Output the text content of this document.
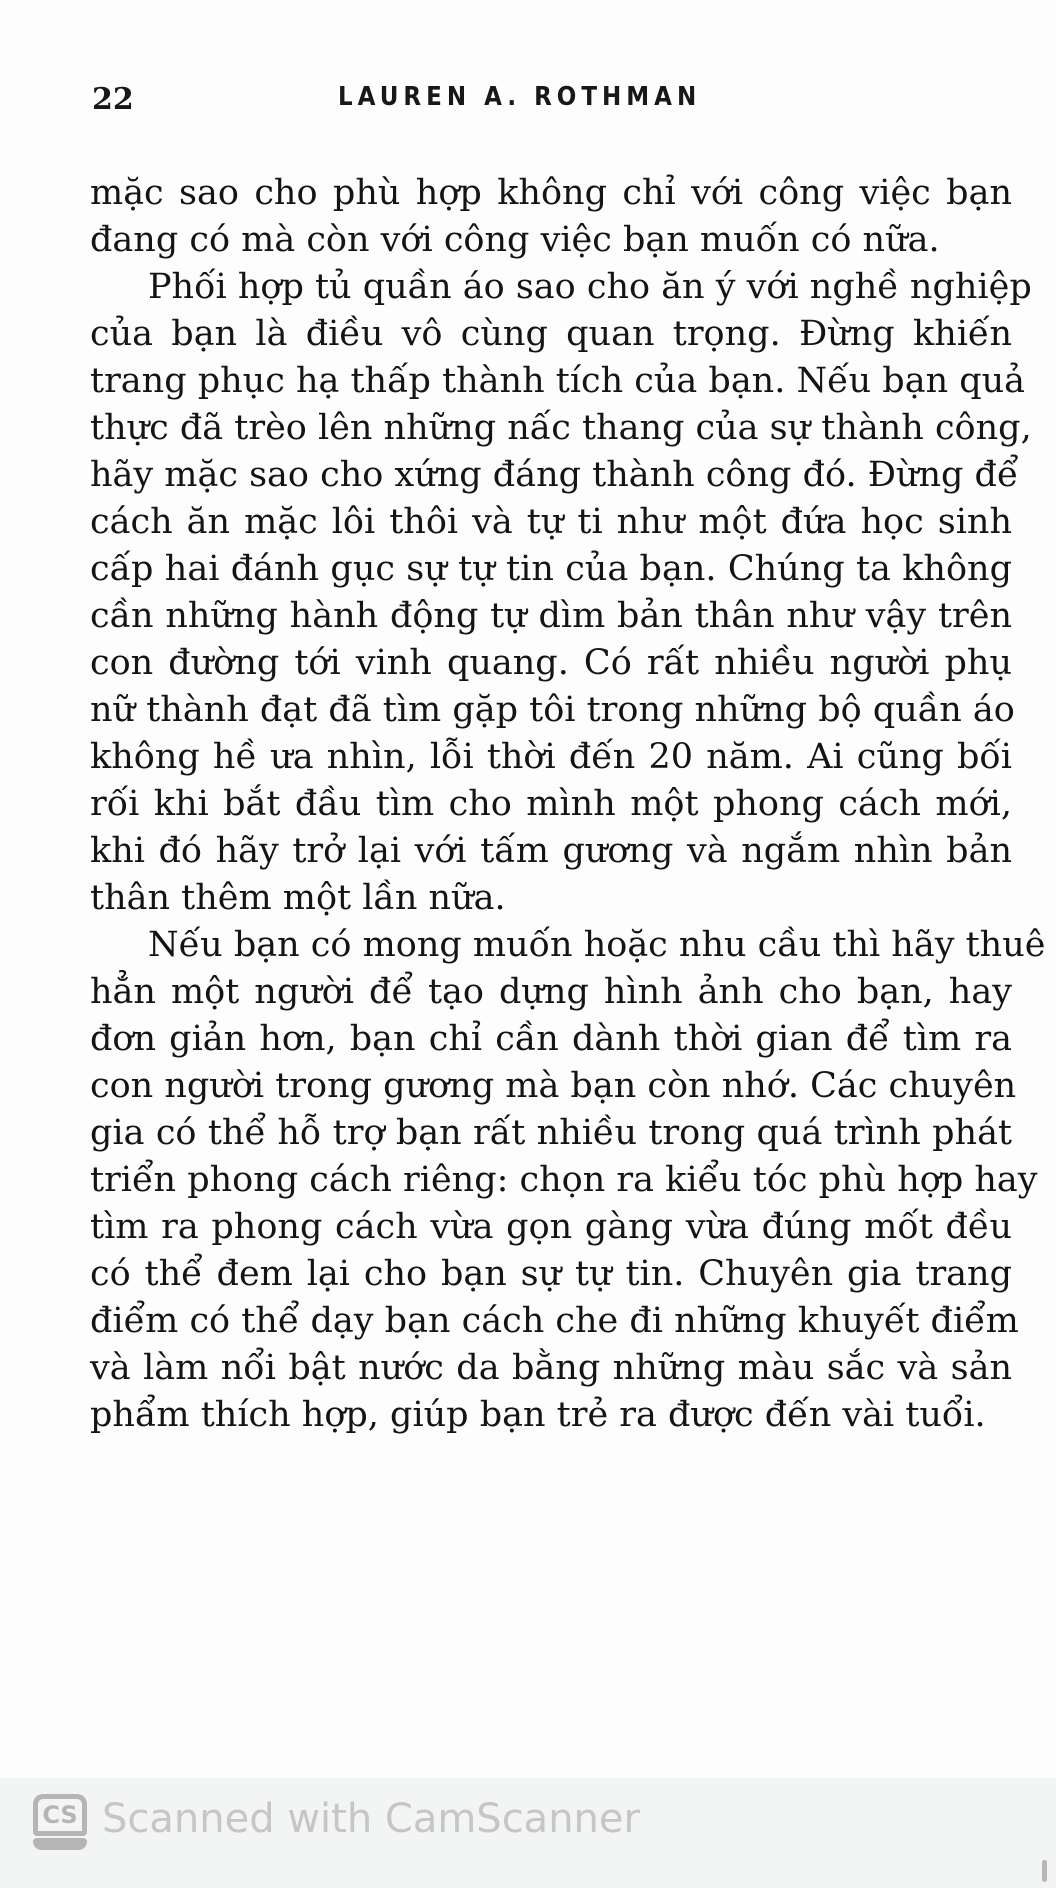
22	LAUREN A. ROTHMAN
mặc sao cho phù hợp không chỉ với công việc bạn
đang có mà còn với công việc bạn muốn có nữa.
Phối hợp tủ quần áo sao cho ăn ý với nghề nghiệp
của bạn là điều vô cùng quan trọng. Đừng khiến
trang phục hạ thấp thành tích của bạn. Nếu bạn quả
thực đã trèo lên những nấc thang của sự thành công,
hãy mặc sao cho xứng đáng thành công đó. Đừng để
cách ăn mặc lôi thôi và tự ti như một đứa học sinh
cấp hai đánh gục sự tự tin của bạn. Chúng ta không
cần những hành động tự dìm bản thân như vậy trên
con đường tới vinh quang. Có rất nhiều người phụ
nữ thành đạt đã tìm gặp tôi trong những bộ quần áo
không hề ưa nhìn, lỗi thời đến 20 năm. Ai cũng bối
rối khi bắt đầu tìm cho mình một phong cách mới,
khi đó hãy trở lại với tấm gương và ngắm nhìn bản
thân thêm một lần nữa.
Nếu bạn có mong muốn hoặc nhu cầu thì hãy thuê
hẳn một người để tạo dựng hình ảnh cho bạn, hay
đơn giản hơn, bạn chỉ cần dành thời gian để tìm ra
con người trong gương mà bạn còn nhớ. Các chuyên
gia có thể hỗ trợ bạn rất nhiều trong quá trình phát
triển phong cách riêng: chọn ra kiểu tóc phù hợp hay
tìm ra phong cách vừa gọn gàng vừa đúng mốt đều
có thể đem lại cho bạn sự tự tin. Chuyên gia trang
điểm có thể dạy bạn cách che đi những khuyết điểm
và làm nổi bật nước da bằng những màu sắc và sản
phẩm thích hợp, giúp bạn trẻ ra được đến vài tuổi.
CS Scanned with CamScanner
